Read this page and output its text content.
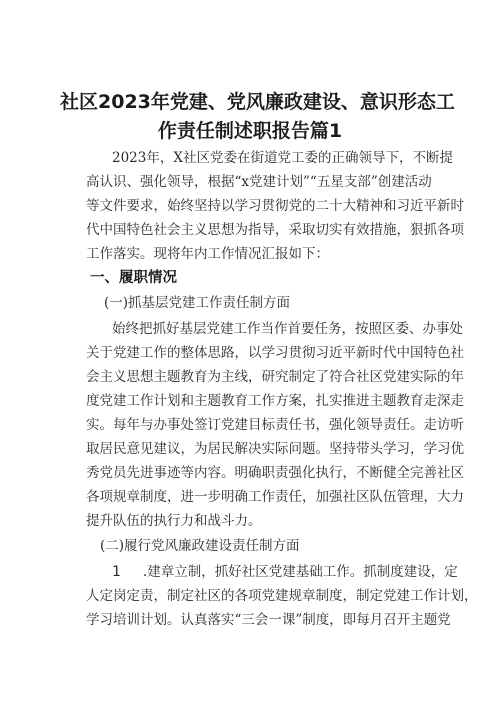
社区2023年党建、党风廉政建设、意识形态工
作责任制述职报告篇1
2023年，X社区党委在街道党工委的正确领导下，不断提
高认识、强化领导，根据“x党建计划”“五星支部”创建活动
等文件要求，始终坚持以学习贯彻党的二十大精神和习近平新时
代中国特色社会主义思想为指导，采取切实有效措施，狠抓各项
工作落实。现将年内工作情况汇报如下：
一、履职情况
(一)抓基层党建工作责任制方面
始终把抓好基层党建工作当作首要任务，按照区委、办事处
关于党建工作的整体思路，以学习贯彻习近平新时代中国特色社
会主义思想主题教育为主线，研究制定了符合社区党建实际的年
度党建工作计划和主题教育工作方案，扎实推进主题教育走深走
实。每年与办事处签订党建目标责任书，强化领导责任。走访听
取居民意见建议，为居民解决实际问题。坚持带头学习，学习优
秀党员先进事迹等内容。明确职责强化执行，不断健全完善社区
各项规章制度，进一步明确工作责任，加强社区队伍管理，大力
提升队伍的执行力和战斗力。
(二)履行党风廉政建设责任制方面
1 .建章立制，抓好社区党建基础工作。抓制度建设，定
人定岗定责，制定社区的各项党建规章制度，制定党建工作计划，
学习培训计划。认真落实“三会一课”制度，即每月召开主题党
